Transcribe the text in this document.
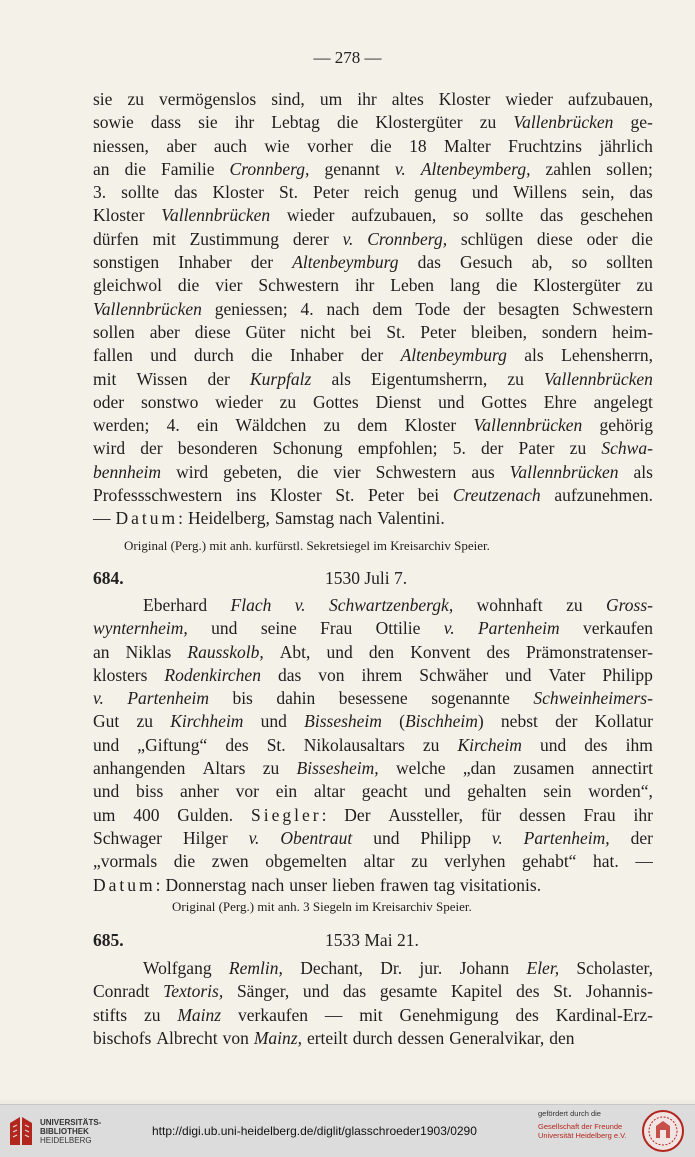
— 278 —
sie zu vermögenslos sind, um ihr altes Kloster wieder aufzubauen,
sowie dass sie ihr Lebtag die Klostergüter zu Vallenbrücken ge-
niessen, aber auch wie vorher die 18 Malter Fruchtzins jährlich
an die Familie Cronnberg, genannt v. Altenbeymberg, zahlen sollen;
3. sollte das Kloster St. Peter reich genug und Willens sein, das
Kloster Vallennbrücken wieder aufzubauen, so sollte das geschehen
dürfen mit Zustimmung derer v. Cronnberg, schlügen diese oder die
sonstigen Inhaber der Altenbeymburg das Gesuch ab, so sollten
gleichwol die vier Schwestern ihr Leben lang die Klostergüter zu
Vallennbrücken geniessen; 4. nach dem Tode der besagten Schwestern
sollen aber diese Güter nicht bei St. Peter bleiben, sondern heim-
fallen und durch die Inhaber der Altenbeymburg als Lehensherrn,
mit Wissen der Kurpfalz als Eigentumsherrn, zu Vallennbrücken
oder sonstwo wieder zu Gottes Dienst und Gottes Ehre angelegt
werden; 4. ein Wäldchen zu dem Kloster Vallennbrücken gehörig
wird der besonderen Schonung empfohlen; 5. der Pater zu Schwa-
bennheim wird gebeten, die vier Schwestern aus Vallennbrücken als
Professschwestern ins Kloster St. Peter bei Creutzenach aufzunehmen.
— Datum: Heidelberg, Samstag nach Valentini.
Original (Perg.) mit anh. kurfürstl. Sekretsiegel im Kreisarchiv Speier.
684.	1530 Juli 7.
Eberhard Flach v. Schwartzenbergk, wohnhaft zu Gross-
wynternheim, und seine Frau Ottilie v. Partenheim verkaufen
an Niklas Rausskolb, Abt, und den Konvent des Prämonstratenser-
klosters Rodenkirchen das von ihrem Schwäher und Vater Philipp
v. Partenheim bis dahin besessene sogenannte Schweinheimers-
Gut zu Kirchheim und Bissesheim (Bischheim) nebst der Kollatur
und „Giftung“ des St. Nikolausaltars zu Kircheim und des ihm
anhangenden Altars zu Bissesheim, welche „dan zusamen annectirt
und biss anher vor ein altar geacht und gehalten sein worden“,
um 400 Gulden. Siegler: Der Aussteller, für dessen Frau ihr
Schwager Hilger v. Obentraut und Philipp v. Partenheim, der
„vormals die zwen obgemelten altar zu verlyhen gehabt“ hat. —
Datum: Donnerstag nach unser lieben frawen tag visitationis.
Original (Perg.) mit anh. 3 Siegeln im Kreisarchiv Speier.
685.	1533 Mai 21.
Wolfgang Remlin, Dechant, Dr. jur. Johann Eler, Scholaster,
Conradt Textoris, Sänger, und das gesamte Kapitel des St. Johannis-
stifts zu Mainz verkaufen — mit Genehmigung des Kardinal-Erz-
bischofs Albrecht von Mainz, erteilt durch dessen Generalvikar, den
UNIVERSITÄTS-
BIBLIOTHEK
HEIDELBERG
http://digi.ub.uni-heidelberg.de/diglit/glasschroeder1903/0290
gefördert durch die
Gesellschaft der Freunde
Universität Heidelberg e.V.
